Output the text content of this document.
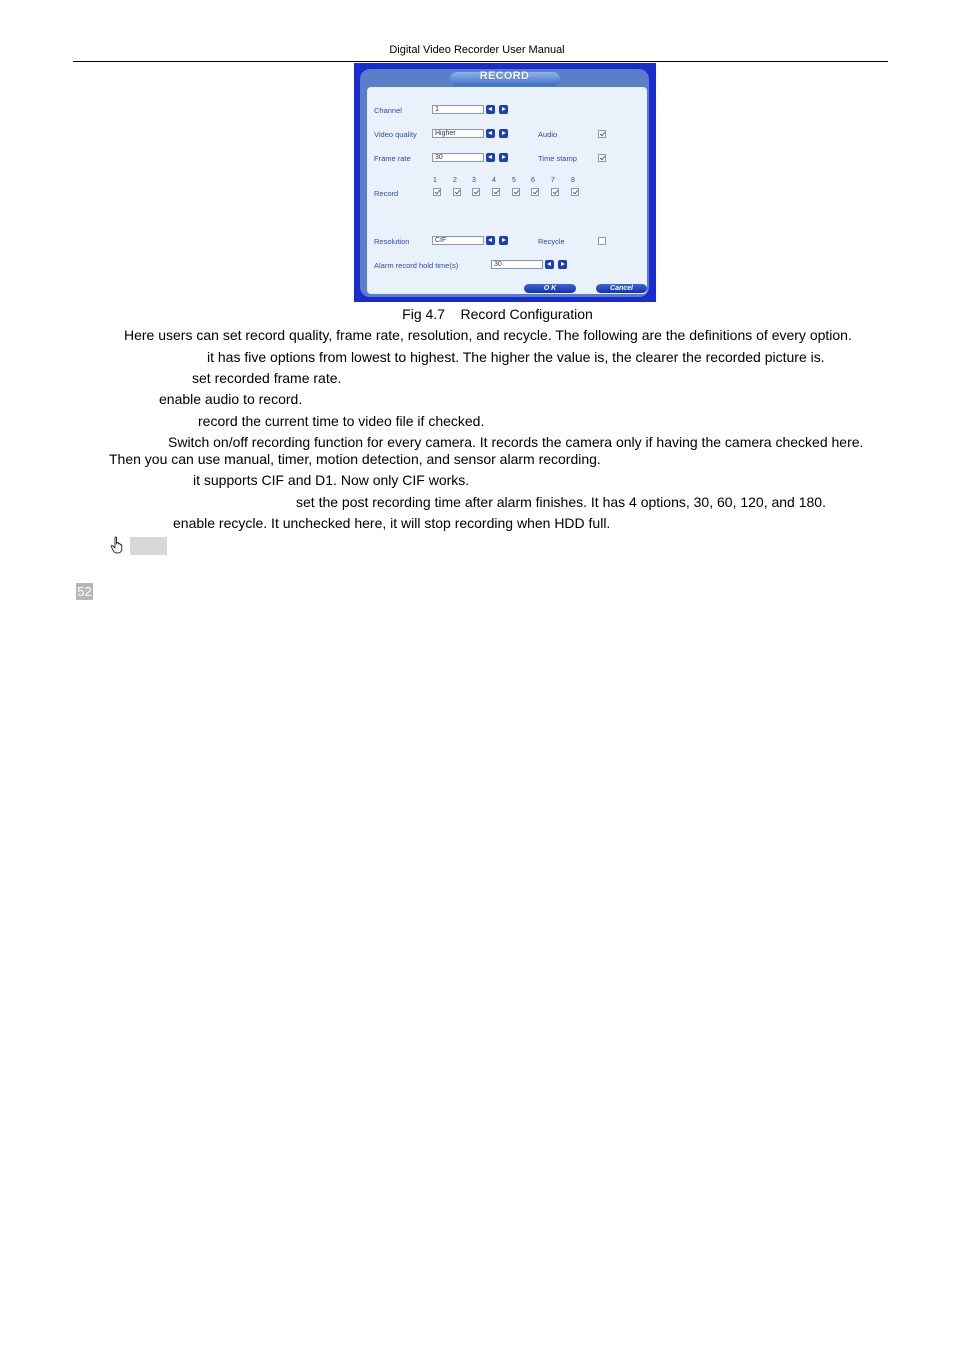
Digital Video Recorder User Manual
RECORD
Channel	1
Video quality	Higher	Audio
Frame rate	30	Time stamp
1 2 3 4 5 6 7 8
Record
Resolution	CIF	Recycle
Alarm record hold time(s)	30
O K	Cancel
Fig 4.7    Record Configuration
Here users can set record quality, frame rate, resolution, and recycle. The following are the definitions of every option.
it has five options from lowest to highest. The higher the value is, the clearer the recorded picture is.
set recorded frame rate.
enable audio to record.
record the current time to video file if checked.
Switch on/off recording function for every camera. It records the camera only if having the camera checked here.
Then you can use manual, timer, motion detection, and sensor alarm recording.
it supports CIF and D1. Now only CIF works.
set the post recording time after alarm finishes. It has 4 options, 30, 60, 120, and 180.
enable recycle. It unchecked here, it will stop recording when HDD full.
52
